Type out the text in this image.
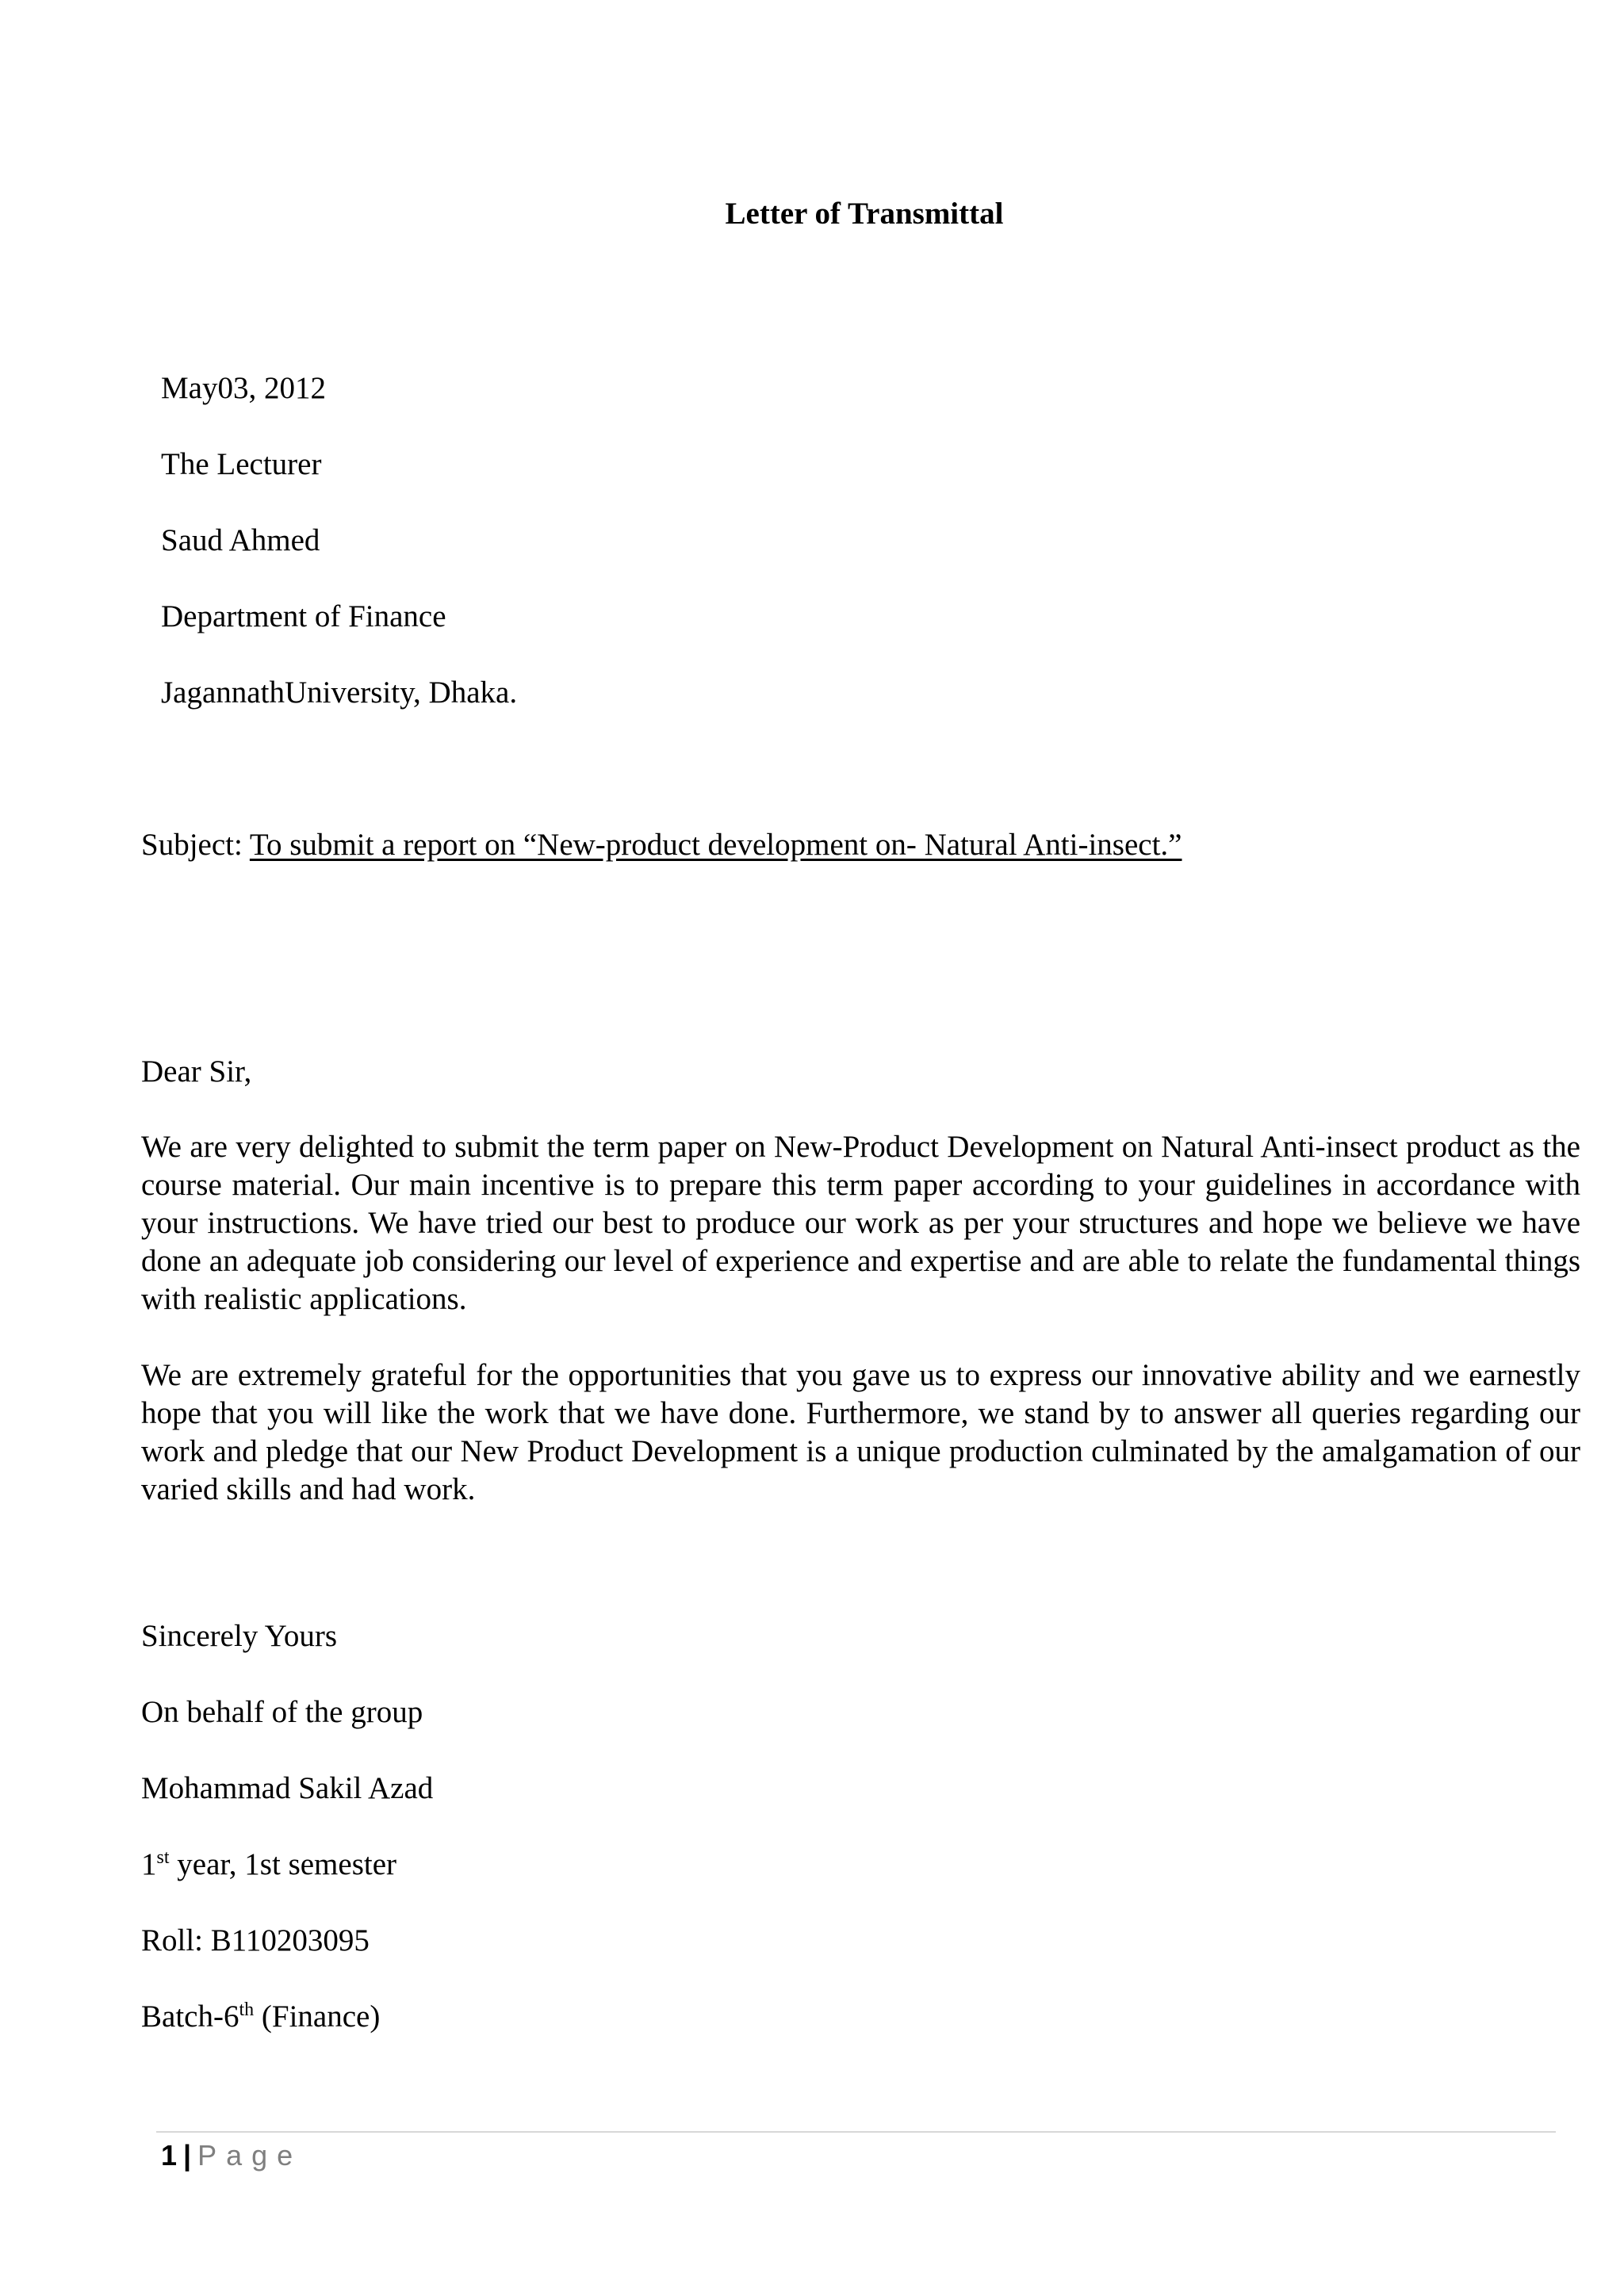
Letter of Transmittal
May03, 2012
The Lecturer
Saud Ahmed
Department of Finance
JagannathUniversity, Dhaka.
Subject: To submit a report on “New-product development on- Natural Anti-insect.”
Dear Sir,

We are very delighted to submit the term paper on New-Product Development on Natural Anti-insect product as the course material. Our main incentive is to prepare this term paper according to your guidelines in accordance with your instructions. We have tried our best to produce our work as per your structures and hope we believe we have done an adequate job considering our level of experience and expertise and are able to relate the fundamental things with realistic applications.

We are extremely grateful for the opportunities that you gave us to express our innovative ability and we earnestly hope that you will like the work that we have done. Furthermore, we stand by to answer all queries regarding our work and pledge that our New Product Development is a unique production culminated by the amalgamation of our varied skills and had work.

Sincerely Yours
On behalf of the group
Mohammad Sakil Azad
1st year, 1st semester
Roll: B110203095
Batch-6th (Finance)
1 | Page
